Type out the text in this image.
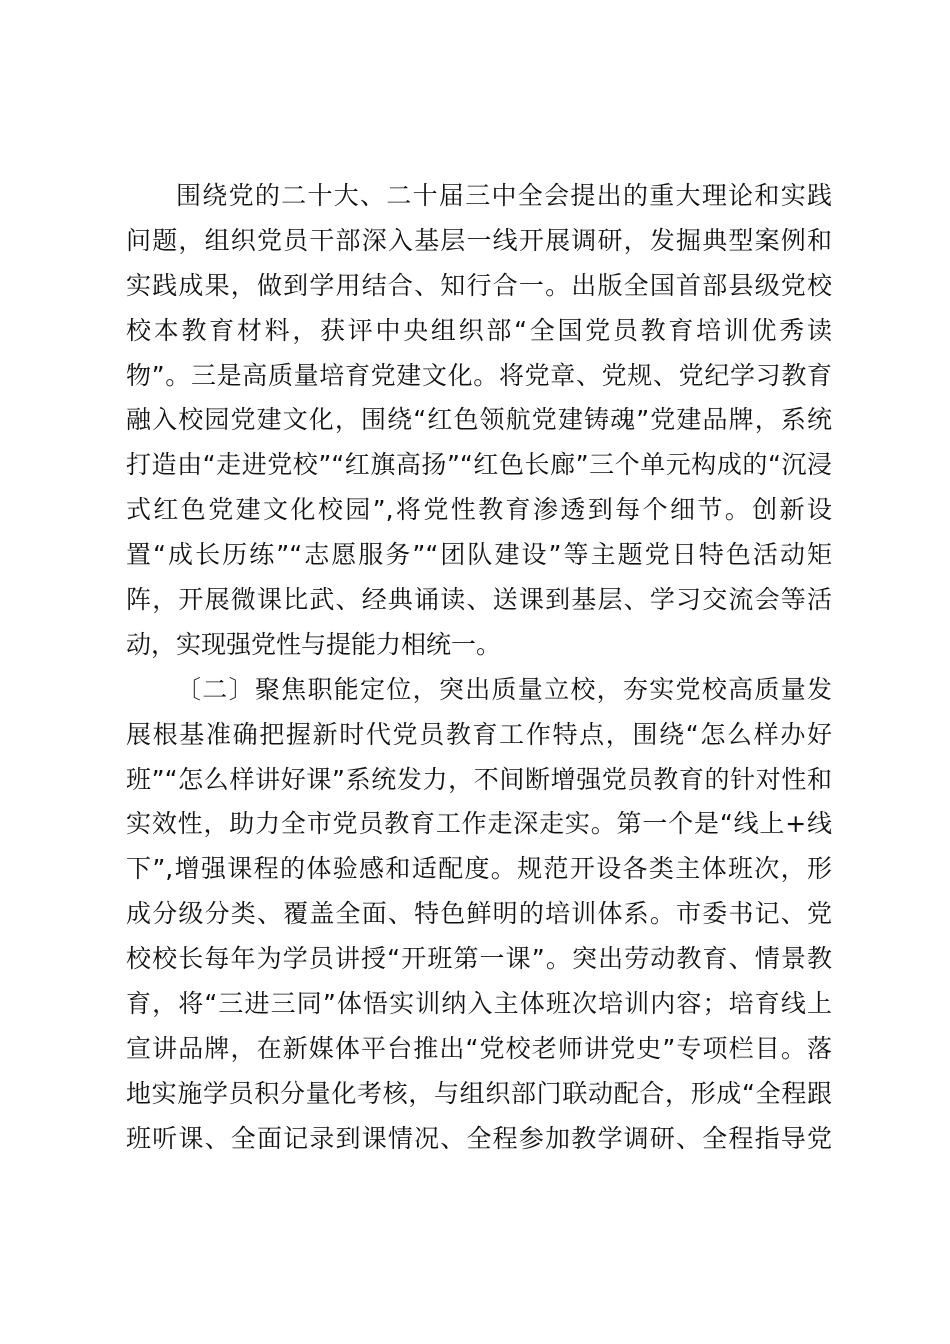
围绕党的二十大、二十届三中全会提出的重大理论和实践
问题，组织党员干部深入基层一线开展调研，发掘典型案例和
实践成果，做到学用结合、知行合一。出版全国首部县级党校
校本教育材料，获评中央组织部“全国党员教育培训优秀读
物”。三是高质量培育党建文化。将党章、党规、党纪学习教育
融入校园党建文化，围绕“红色领航党建铸魂”党建品牌，系统
打造由“走进党校”“红旗高扬”“红色长廊”三个单元构成的“沉浸
式红色党建文化校园”,将党性教育渗透到每个细节。创新设
置“成长历练”“志愿服务”“团队建设”等主题党日特色活动矩
阵，开展微课比武、经典诵读、送课到基层、学习交流会等活
动，实现强党性与提能力相统一。
〔二〕聚焦职能定位，突出质量立校，夯实党校高质量发
展根基准确把握新时代党员教育工作特点，围绕“怎么样办好
班”“怎么样讲好课”系统发力，不间断增强党员教育的针对性和
实效性，助力全市党员教育工作走深走实。第一个是“线上+线
下”,增强课程的体验感和适配度。规范开设各类主体班次，形
成分级分类、覆盖全面、特色鲜明的培训体系。市委书记、党
校校长每年为学员讲授“开班第一课”。突出劳动教育、情景教
育，将“三进三同”体悟实训纳入主体班次培训内容；培育线上
宣讲品牌，在新媒体平台推出“党校老师讲党史”专项栏目。落
地实施学员积分量化考核，与组织部门联动配合，形成“全程跟
班听课、全面记录到课情况、全程参加教学调研、全程指导党
